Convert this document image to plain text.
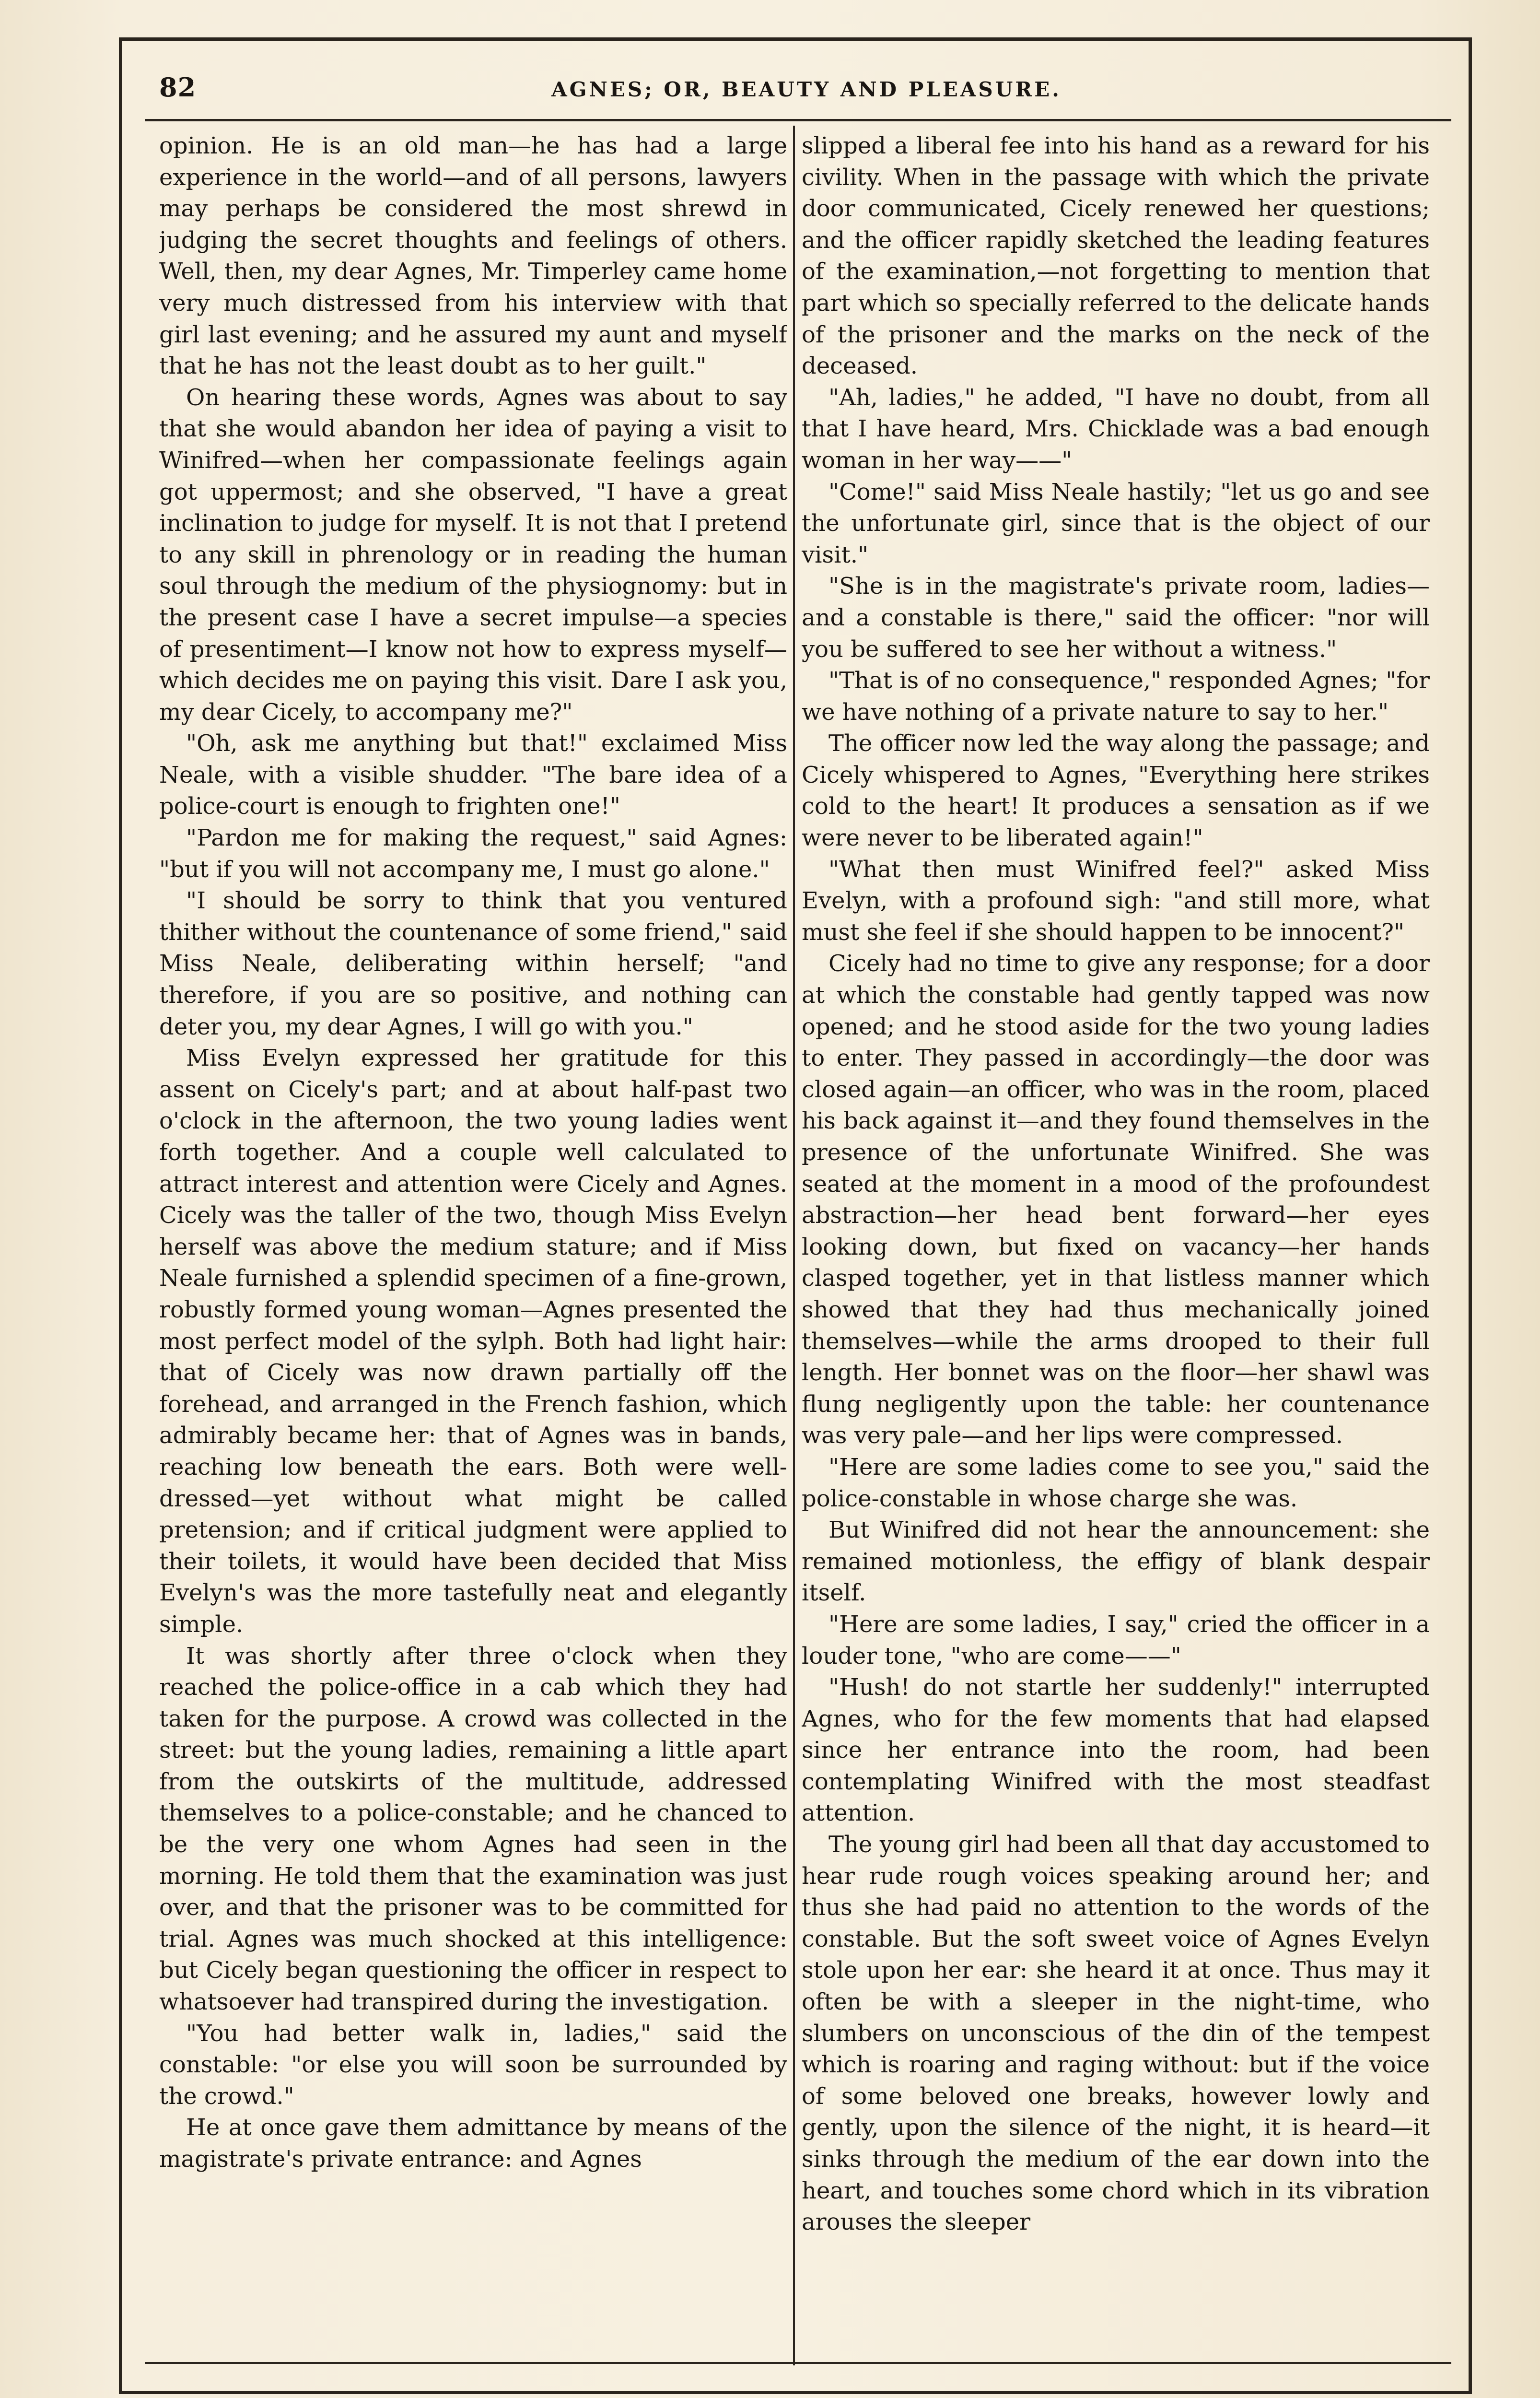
82	AGNES; OR, BEAUTY AND PLEASURE.

opinion. He is an old man—he has had a large experience in the world—and of all persons, lawyers may perhaps be considered the most shrewd in judging the secret thoughts and feelings of others. Well, then, my dear Agnes, Mr. Timperley came home very much distressed from his interview with that girl last evening; and he assured my aunt and myself that he has not the least doubt as to her guilt."

On hearing these words, Agnes was about to say that she would abandon her idea of paying a visit to Winifred—when her compassionate feelings again got uppermost; and she observed, "I have a great inclination to judge for myself. It is not that I pretend to any skill in phrenology or in reading the human soul through the medium of the physiognomy: but in the present case I have a secret impulse—a species of presentiment—I know not how to express myself—which decides me on paying this visit. Dare I ask you, my dear Cicely, to accompany me?"

"Oh, ask me anything but that!" exclaimed Miss Neale, with a visible shudder. "The bare idea of a police-court is enough to frighten one!"

"Pardon me for making the request," said Agnes: "but if you will not accompany me, I must go alone."

"I should be sorry to think that you ventured thither without the countenance of some friend," said Miss Neale, deliberating within herself; "and therefore, if you are so positive, and nothing can deter you, my dear Agnes, I will go with you."

Miss Evelyn expressed her gratitude for this assent on Cicely's part; and at about half-past two o'clock in the afternoon, the two young ladies went forth together. And a couple well calculated to attract interest and attention were Cicely and Agnes. Cicely was the taller of the two, though Miss Evelyn herself was above the medium stature; and if Miss Neale furnished a splendid specimen of a fine-grown, robustly formed young woman—Agnes presented the most perfect model of the sylph. Both had light hair: that of Cicely was now drawn partially off the forehead, and arranged in the French fashion, which admirably became her: that of Agnes was in bands, reaching low beneath the ears. Both were well-dressed—yet without what might be called pretension; and if critical judgment were applied to their toilets, it would have been decided that Miss Evelyn's was the more tastefully neat and elegantly simple.

It was shortly after three o'clock when they reached the police-office in a cab which they had taken for the purpose. A crowd was collected in the street: but the young ladies, remaining a little apart from the outskirts of the multitude, addressed themselves to a police-constable; and he chanced to be the very one whom Agnes had seen in the morning. He told them that the examination was just over, and that the prisoner was to be committed for trial. Agnes was much shocked at this intelligence: but Cicely began questioning the officer in respect to whatsoever had transpired during the investigation.

"You had better walk in, ladies," said the constable: "or else you will soon be surrounded by the crowd."

He at once gave them admittance by means of the magistrate's private entrance: and Agnes

slipped a liberal fee into his hand as a reward for his civility. When in the passage with which the private door communicated, Cicely renewed her questions; and the officer rapidly sketched the leading features of the examination,—not forgetting to mention that part which so specially referred to the delicate hands of the prisoner and the marks on the neck of the deceased.

"Ah, ladies," he added, "I have no doubt, from all that I have heard, Mrs. Chicklade was a bad enough woman in her way——"

"Come!" said Miss Neale hastily; "let us go and see the unfortunate girl, since that is the object of our visit."

"She is in the magistrate's private room, ladies—and a constable is there," said the officer: "nor will you be suffered to see her without a witness."

"That is of no consequence," responded Agnes; "for we have nothing of a private nature to say to her."

The officer now led the way along the passage; and Cicely whispered to Agnes, "Everything here strikes cold to the heart! It produces a sensation as if we were never to be liberated again!"

"What then must Winifred feel?" asked Miss Evelyn, with a profound sigh: "and still more, what must she feel if she should happen to be innocent?"

Cicely had no time to give any response; for a door at which the constable had gently tapped was now opened; and he stood aside for the two young ladies to enter. They passed in accordingly—the door was closed again—an officer, who was in the room, placed his back against it—and they found themselves in the presence of the unfortunate Winifred. She was seated at the moment in a mood of the profoundest abstraction—her head bent forward—her eyes looking down, but fixed on vacancy—her hands clasped together, yet in that listless manner which showed that they had thus mechanically joined themselves—while the arms drooped to their full length. Her bonnet was on the floor—her shawl was flung negligently upon the table: her countenance was very pale—and her lips were compressed.

"Here are some ladies come to see you," said the police-constable in whose charge she was.

But Winifred did not hear the announcement: she remained motionless, the effigy of blank despair itself.

"Here are some ladies, I say," cried the officer in a louder tone, "who are come——"

"Hush! do not startle her suddenly!" interrupted Agnes, who for the few moments that had elapsed since her entrance into the room, had been contemplating Winifred with the most steadfast attention.

The young girl had been all that day accustomed to hear rude rough voices speaking around her; and thus she had paid no attention to the words of the constable. But the soft sweet voice of Agnes Evelyn stole upon her ear: she heard it at once. Thus may it often be with a sleeper in the night-time, who slumbers on unconscious of the din of the tempest which is roaring and raging without: but if the voice of some beloved one breaks, however lowly and gently, upon the silence of the night, it is heard—it sinks through the medium of the ear down into the heart, and touches some chord which in its vibration arouses the sleeper
